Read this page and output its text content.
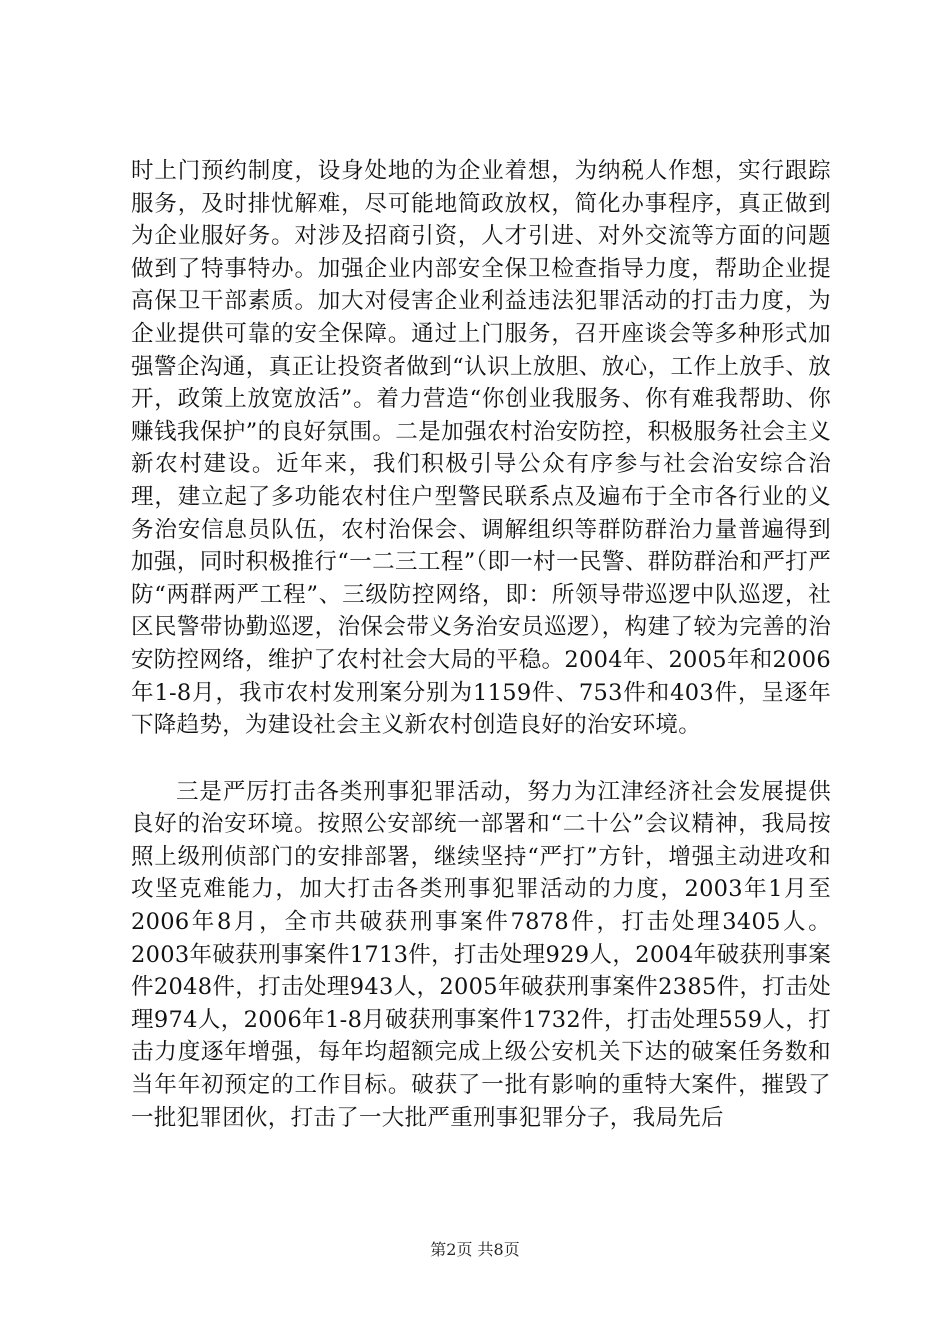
时上门预约制度，设身处地的为企业着想，为纳税人作想，实行跟踪服务，及时排忧解难，尽可能地简政放权，简化办事程序，真正做到为企业服好务。对涉及招商引资，人才引进、对外交流等方面的问题做到了特事特办。加强企业内部安全保卫检查指导力度，帮助企业提高保卫干部素质。加大对侵害企业利益违法犯罪活动的打击力度，为企业提供可靠的安全保障。通过上门服务，召开座谈会等多种形式加强警企沟通，真正让投资者做到“认识上放胆、放心，工作上放手、放开，政策上放宽放活”。着力营造“你创业我服务、你有难我帮助、你赚钱我保护”的良好氛围。二是加强农村治安防控，积极服务社会主义新农村建设。近年来，我们积极引导公众有序参与社会治安综合治理，建立起了多功能农村住户型警民联系点及遍布于全市各行业的义务治安信息员队伍，农村治保会、调解组织等群防群治力量普遍得到加强，同时积极推行“一二三工程”（即一村一民警、群防群治和严打严防“两群两严工程”、三级防控网络，即：所领导带巡逻中队巡逻，社区民警带协勤巡逻，治保会带义务治安员巡逻），构建了较为完善的治安防控网络，维护了农村社会大局的平稳。2004年、2005年和2006年1-8月，我市农村发刑案分别为1159件、753件和403件，呈逐年下降趋势，为建设社会主义新农村创造良好的治安环境。

三是严厉打击各类刑事犯罪活动，努力为江津经济社会发展提供良好的治安环境。按照公安部统一部署和“二十公”会议精神，我局按照上级刑侦部门的安排部署，继续坚持“严打”方针，增强主动进攻和攻坚克难能力，加大打击各类刑事犯罪活动的力度，2003年1月至2006年8月，全市共破获刑事案件7878件，打击处理3405人。2003年破获刑事案件1713件，打击处理929人，2004年破获刑事案件2048件，打击处理943人，2005年破获刑事案件2385件，打击处理974人，2006年1-8月破获刑事案件1732件，打击处理559人，打击力度逐年增强，每年均超额完成上级公安机关下达的破案任务数和当年年初预定的工作目标。破获了一批有影响的重特大案件，摧毁了一批犯罪团伙，打击了一大批严重刑事犯罪分子，我局先后

第2页 共8页
